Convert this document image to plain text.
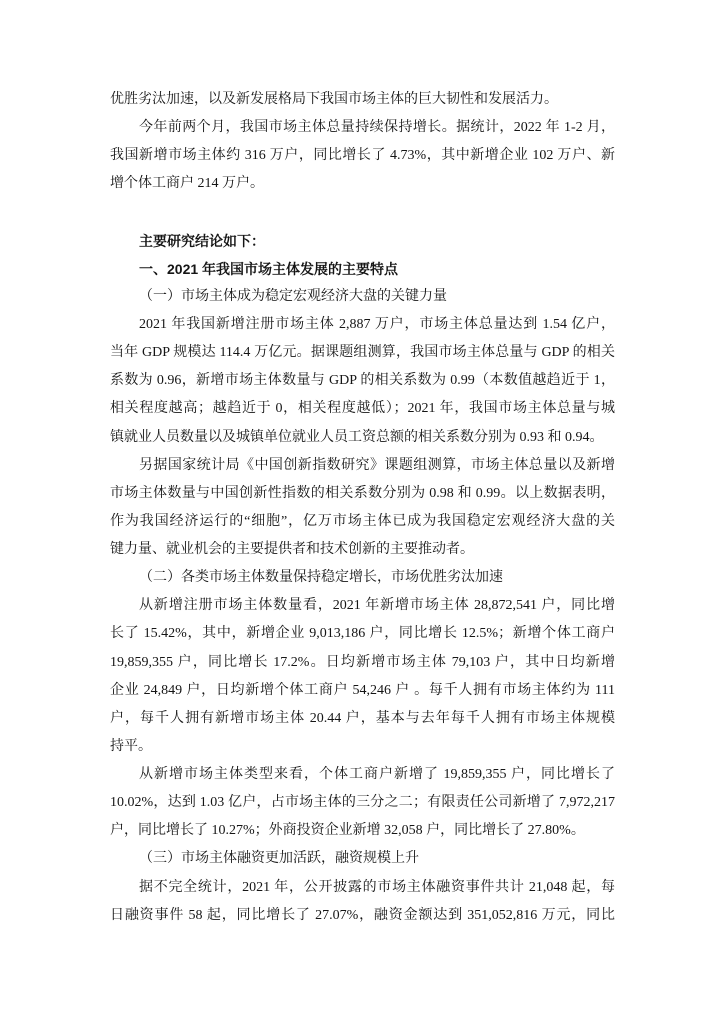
优胜劣汰加速，以及新发展格局下我国市场主体的巨大韧性和发展活力。
今年前两个月，我国市场主体总量持续保持增长。据统计，2022 年 1-2 月，
我国新增市场主体约 316 万户，同比增长了 4.73%，其中新增企业 102 万户、新
增个体工商户 214 万户。
主要研究结论如下：
一、2021 年我国市场主体发展的主要特点
（一）市场主体成为稳定宏观经济大盘的关键力量
2021 年我国新增注册市场主体 2,887 万户，市场主体总量达到 1.54 亿户，
当年 GDP 规模达 114.4 万亿元。据课题组测算，我国市场主体总量与 GDP 的相关
系数为 0.96，新增市场主体数量与 GDP 的相关系数为 0.99（本数值越趋近于 1，
相关程度越高；越趋近于 0，相关程度越低）；2021 年，我国市场主体总量与城
镇就业人员数量以及城镇单位就业人员工资总额的相关系数分别为 0.93 和 0.94。
另据国家统计局《中国创新指数研究》课题组测算，市场主体总量以及新增
市场主体数量与中国创新性指数的相关系数分别为 0.98 和 0.99。以上数据表明，
作为我国经济运行的“细胞”，亿万市场主体已成为我国稳定宏观经济大盘的关
键力量、就业机会的主要提供者和技术创新的主要推动者。
（二）各类市场主体数量保持稳定增长，市场优胜劣汰加速
从新增注册市场主体数量看，2021 年新增市场主体 28,872,541 户，同比增
长了 15.42%，其中，新增企业 9,013,186 户，同比增长 12.5%；新增个体工商户
19,859,355 户，同比增长 17.2%。日均新增市场主体 79,103 户，其中日均新增
企业 24,849 户，日均新增个体工商户 54,246 户 。每千人拥有市场主体约为 111
户，每千人拥有新增市场主体 20.44 户，基本与去年每千人拥有市场主体规模
持平。
从新增市场主体类型来看，个体工商户新增了 19,859,355 户，同比增长了
10.02%，达到 1.03 亿户，占市场主体的三分之二；有限责任公司新增了 7,972,217
户，同比增长了 10.27%；外商投资企业新增 32,058 户，同比增长了 27.80%。
（三）市场主体融资更加活跃，融资规模上升
据不完全统计，2021 年，公开披露的市场主体融资事件共计 21,048 起，每
日融资事件 58 起，同比增长了 27.07%，融资金额达到 351,052,816 万元，同比
